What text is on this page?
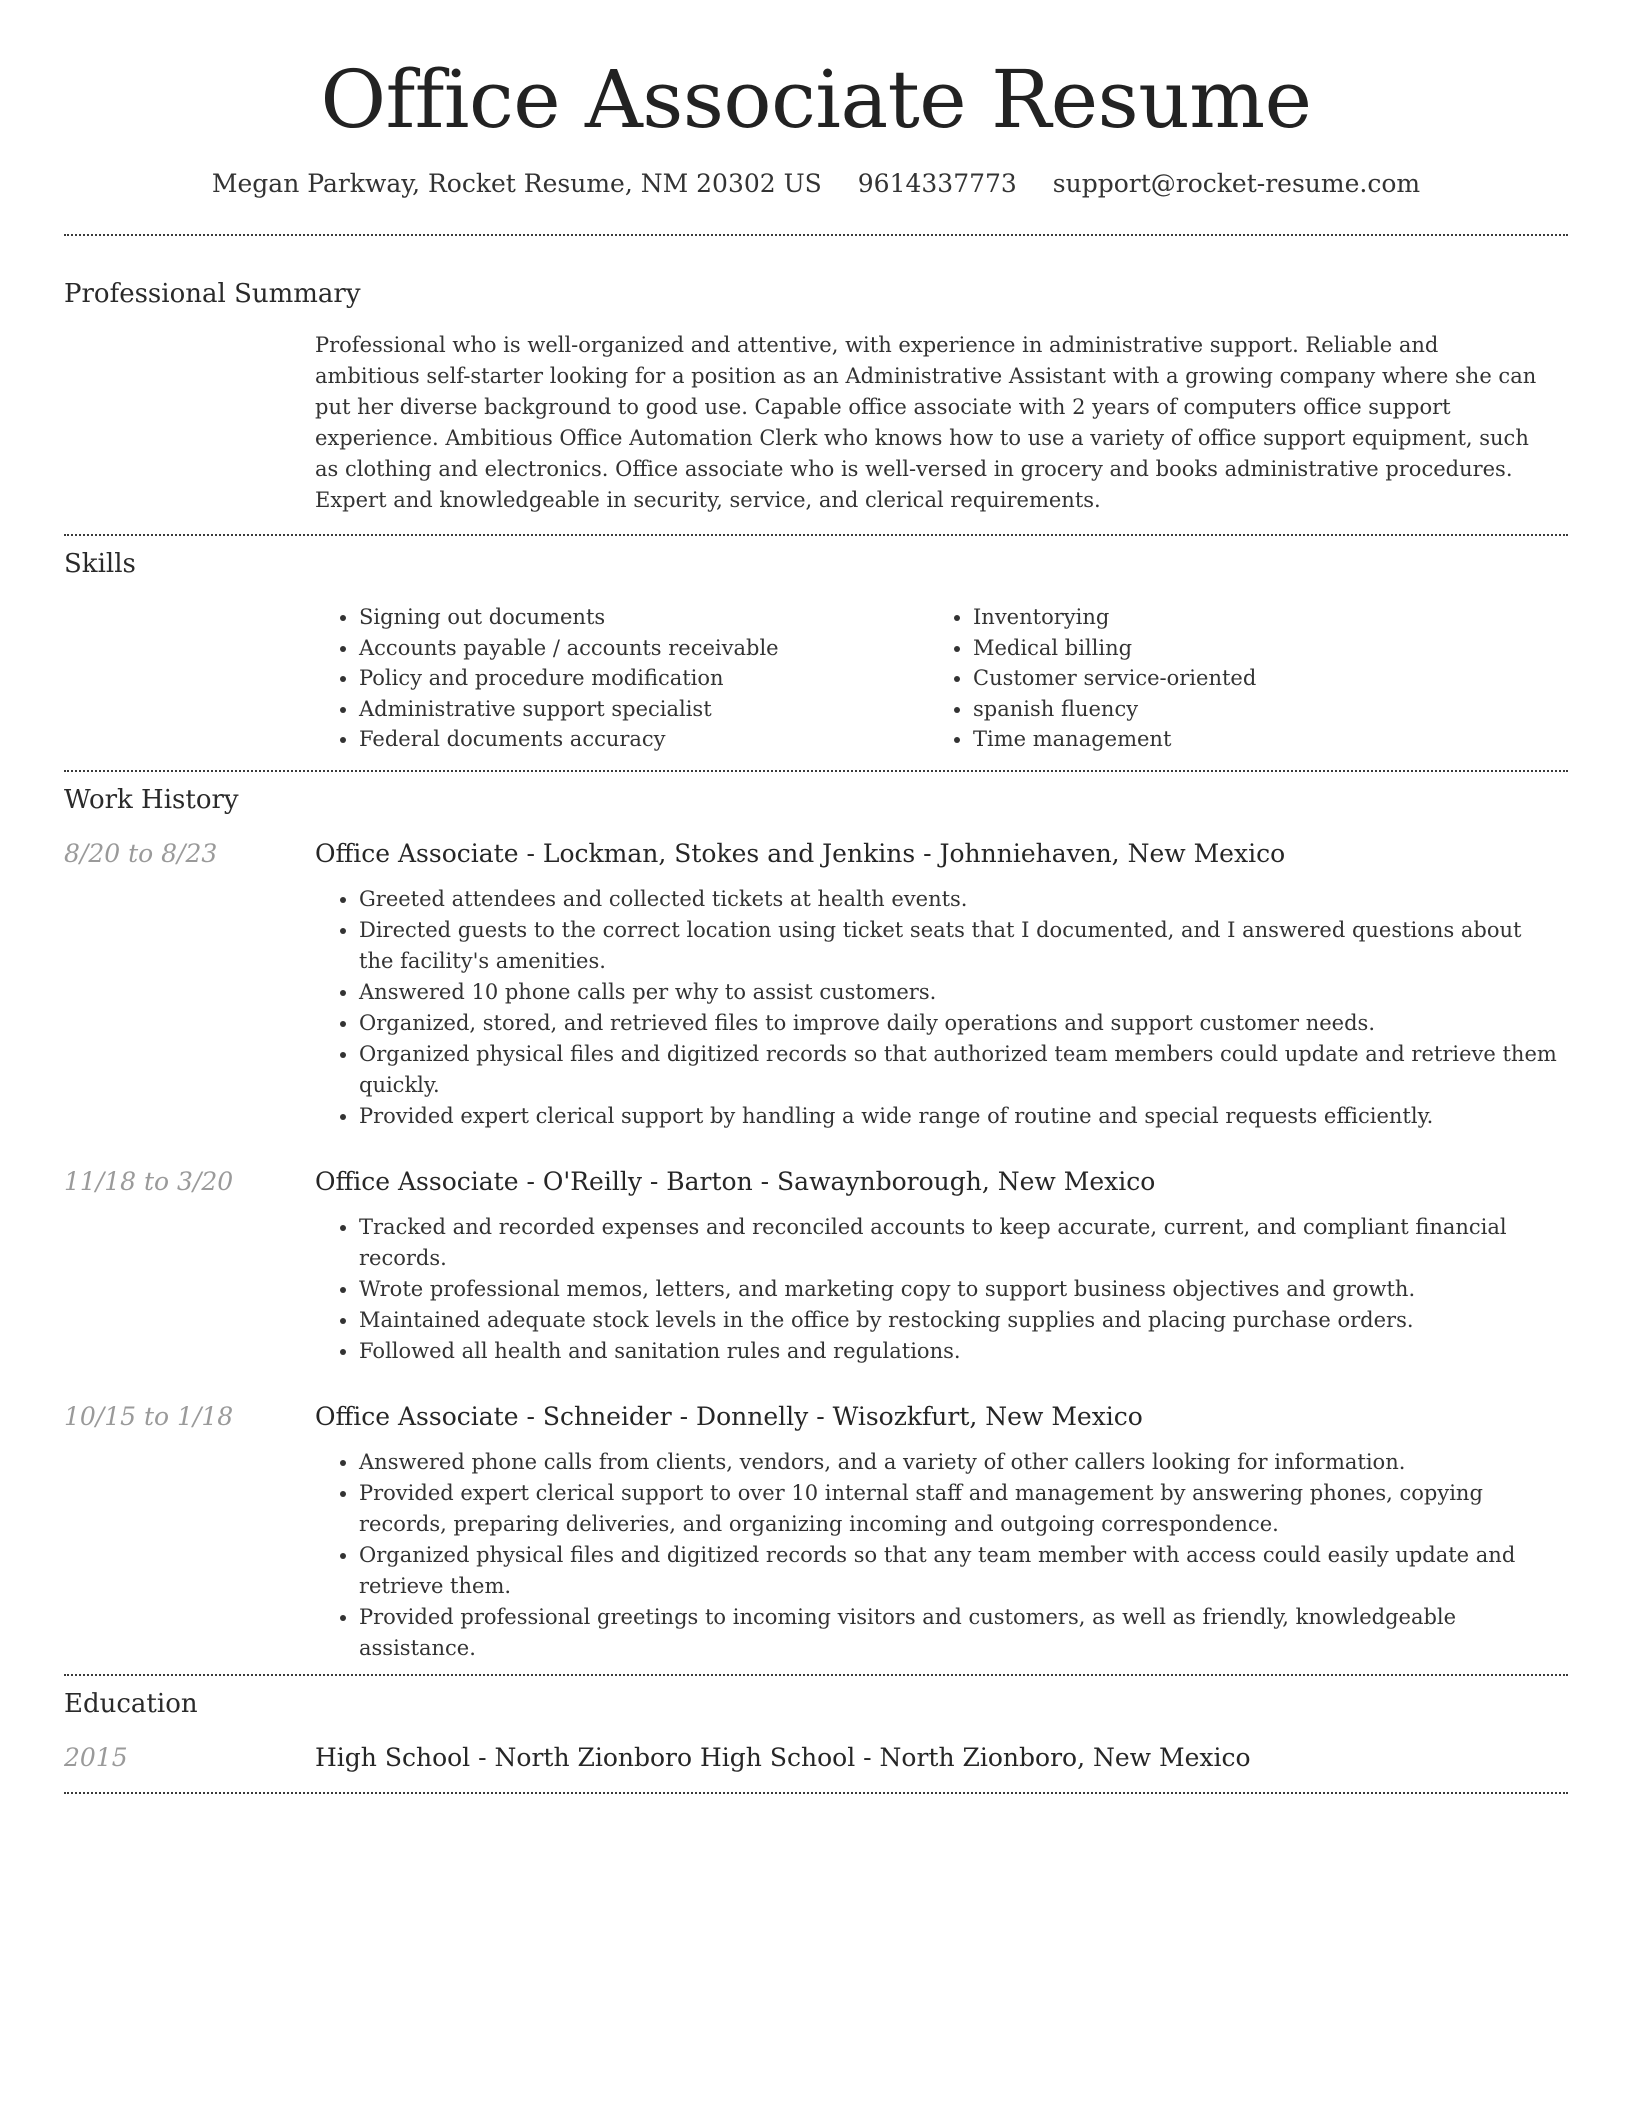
Office Associate Resume
Megan Parkway, Rocket Resume, NM 20302 US 9614337773 support@rocket-resume.com
Professional Summary

Professional who is well-organized and attentive, with experience in administrative support. Reliable and ambitious self-starter looking for a position as an Administrative Assistant with a growing company where she can put her diverse background to good use. Capable office associate with 2 years of computers office support experience. Ambitious Office Automation Clerk who knows how to use a variety of office support equipment, such as clothing and electronics. Office associate who is well-versed in grocery and books administrative procedures. Expert and knowledgeable in security, service, and clerical requirements.

Skills
• Signing out documents
• Accounts payable / accounts receivable
• Policy and procedure modification
• Administrative support specialist
• Federal documents accuracy
• Inventorying
• Medical billing
• Customer service-oriented
• spanish fluency
• Time management
Work History
8/20 to 8/23	Office Associate - Lockman, Stokes and Jenkins - Johnniehaven, New Mexico
• Greeted attendees and collected tickets at health events.
• Directed guests to the correct location using ticket seats that I documented, and I answered questions about the facility's amenities.
• Answered 10 phone calls per why to assist customers.
• Organized, stored, and retrieved files to improve daily operations and support customer needs.
• Organized physical files and digitized records so that authorized team members could update and retrieve them quickly.
• Provided expert clerical support by handling a wide range of routine and special requests efficiently.
11/18 to 3/20	Office Associate - O'Reilly - Barton - Sawaynborough, New Mexico
• Tracked and recorded expenses and reconciled accounts to keep accurate, current, and compliant financial records.
• Wrote professional memos, letters, and marketing copy to support business objectives and growth.
• Maintained adequate stock levels in the office by restocking supplies and placing purchase orders.
• Followed all health and sanitation rules and regulations.
10/15 to 1/18	Office Associate - Schneider - Donnelly - Wisozkfurt, New Mexico
• Answered phone calls from clients, vendors, and a variety of other callers looking for information.
• Provided expert clerical support to over 10 internal staff and management by answering phones, copying records, preparing deliveries, and organizing incoming and outgoing correspondence.
• Organized physical files and digitized records so that any team member with access could easily update and retrieve them.
• Provided professional greetings to incoming visitors and customers, as well as friendly, knowledgeable assistance.
Education
2015	High School - North Zionboro High School - North Zionboro, New Mexico
